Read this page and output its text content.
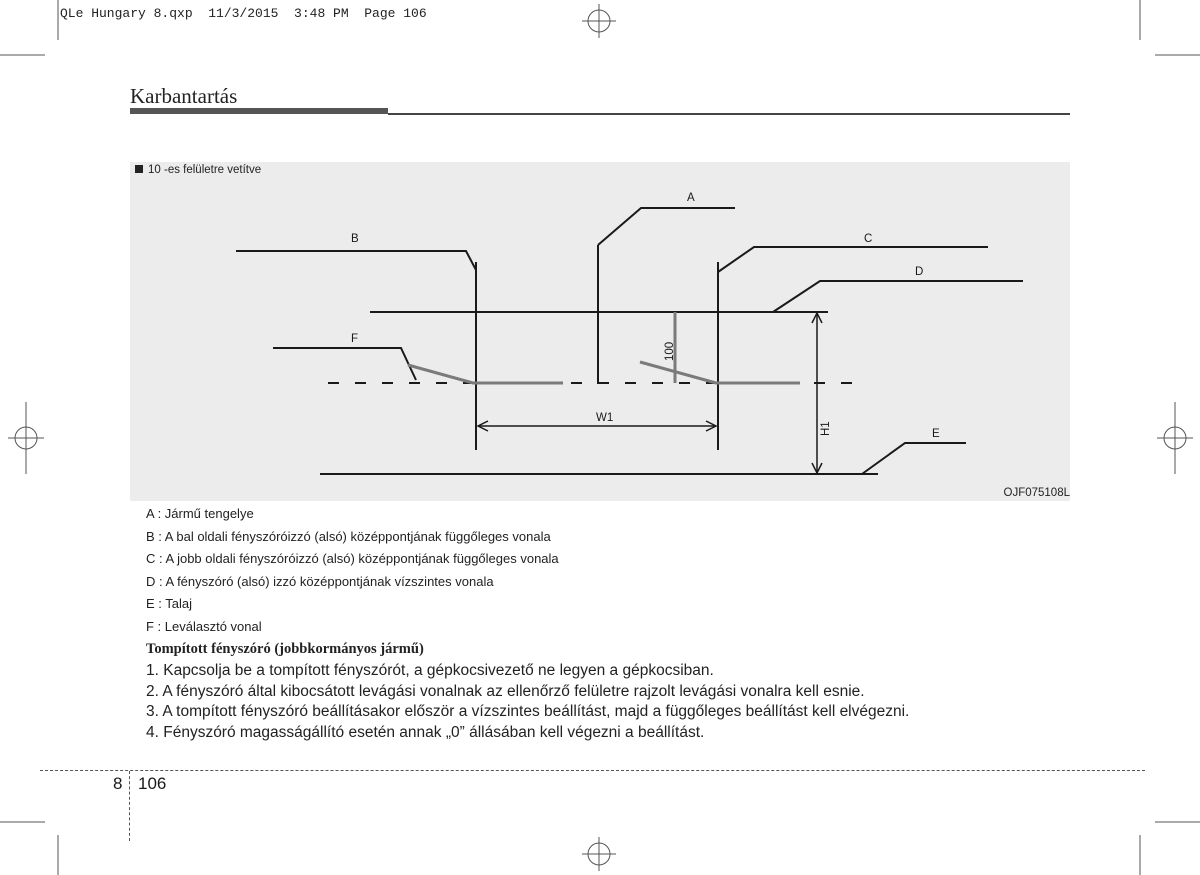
QLe Hungary 8.qxp  11/3/2015  3:48 PM  Page 106
Karbantartás
10 -es felületre vetítve
OJF075108L
A
B	C
D
E
F
W1
H1
100
A : Jármű tengelye
B : A bal oldali fényszóróizzó (alsó) középpontjának függőleges vonala
C : A jobb oldali fényszóróizzó (alsó) középpontjának függőleges vonala
D : A fényszóró (alsó) izzó középpontjának vízszintes vonala
E : Talaj
F : Leválasztó vonal
Tompított fényszóró (jobbkormányos jármű)
1. Kapcsolja be a tompított fényszórót, a gépkocsivezető ne legyen a gépkocsiban.
2. A fényszóró által kibocsátott levágási vonalnak az ellenőrző felületre rajzolt levágási vonalra kell esnie.
3. A tompított fényszóró beállításakor először a vízszintes beállítást, majd a függőleges beállítást kell elvégezni.
4. Fényszóró magasságállító esetén annak „0” állásában kell végezni a beállítást.
8 106
